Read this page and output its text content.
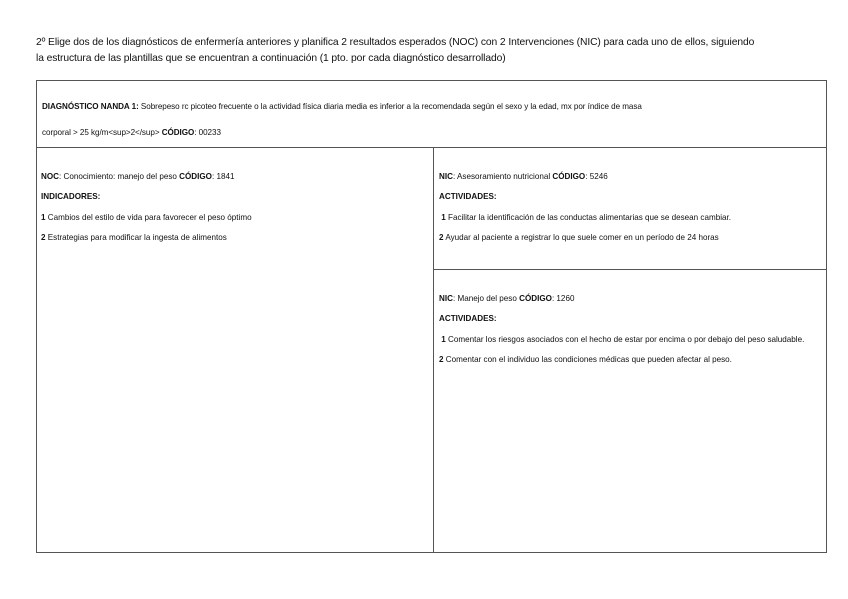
2º Elige dos de los diagnósticos de enfermería anteriores y planifica 2 resultados esperados (NOC) con 2 Intervenciones (NIC) para cada uno de ellos, siguiendo
la estructura de las plantillas que se encuentran a continuación (1 pto. por cada diagnóstico desarrollado)
DIAGNÓSTICO NANDA 1: Sobrepeso rc picoteo frecuente o la actividad física diaria media es inferior a la recomendada según el sexo y la edad, mx por índice de masa
corporal > 25 kg/m<sup>2</sup> CÓDIGO: 00233
NOC: Conocimiento: manejo del peso CÓDIGO: 1841
INDICADORES:
1 Cambios del estilo de vida para favorecer el peso óptimo
2 Estrategias para modificar la ingesta de alimentos
NIC: Asesoramiento nutricional CÓDIGO: 5246
ACTIVIDADES:
1 Facilitar la identificación de las conductas alimentarias que se desean cambiar.
2 Ayudar al paciente a registrar lo que suele comer en un período de 24 horas
NIC: Manejo del peso CÓDIGO: 1260
ACTIVIDADES:
1 Comentar los riesgos asociados con el hecho de estar por encima o por debajo del peso saludable.
2 Comentar con el individuo las condiciones médicas que pueden afectar al peso.
